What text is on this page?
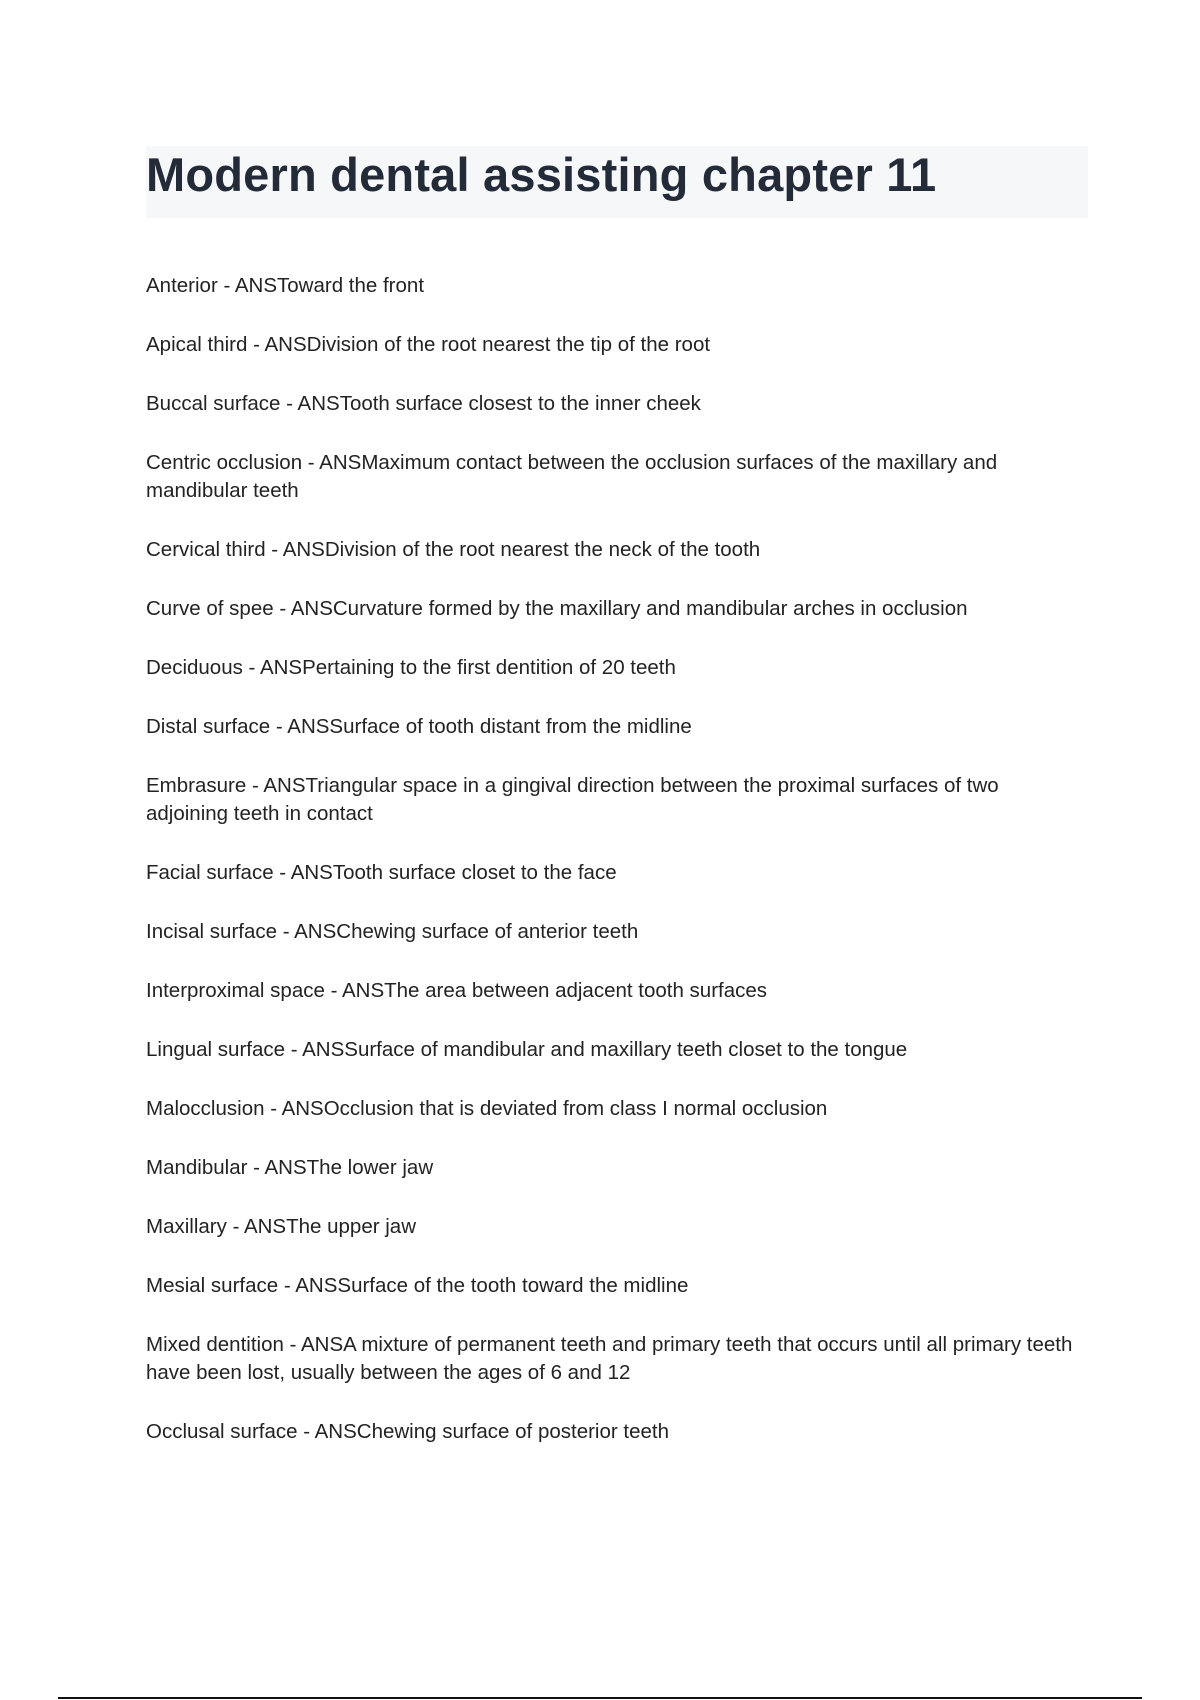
Modern dental assisting chapter 11
Anterior - ANSToward the front
Apical third - ANSDivision of the root nearest the tip of the root
Buccal surface - ANSTooth surface closest to the inner cheek
Centric occlusion - ANSMaximum contact between the occlusion surfaces of the maxillary and mandibular teeth
Cervical third - ANSDivision of the root nearest the neck of the tooth
Curve of spee - ANSCurvature formed by the maxillary and mandibular arches in occlusion
Deciduous - ANSPertaining to the first dentition of 20 teeth
Distal surface - ANSSurface of tooth distant from the midline
Embrasure - ANSTriangular space in a gingival direction between the proximal surfaces of two adjoining teeth in contact
Facial surface - ANSTooth surface closet to the face
Incisal surface - ANSChewing surface of anterior teeth
Interproximal space - ANSThe area between adjacent tooth surfaces
Lingual surface - ANSSurface of mandibular and maxillary teeth closet to the tongue
Malocclusion - ANSOcclusion that is deviated from class I normal occlusion
Mandibular - ANSThe lower jaw
Maxillary - ANSThe upper jaw
Mesial surface - ANSSurface of the tooth toward the midline
Mixed dentition - ANSA mixture of permanent teeth and primary teeth that occurs until all primary teeth have been lost, usually between the ages of 6 and 12
Occlusal surface - ANSChewing surface of posterior teeth
